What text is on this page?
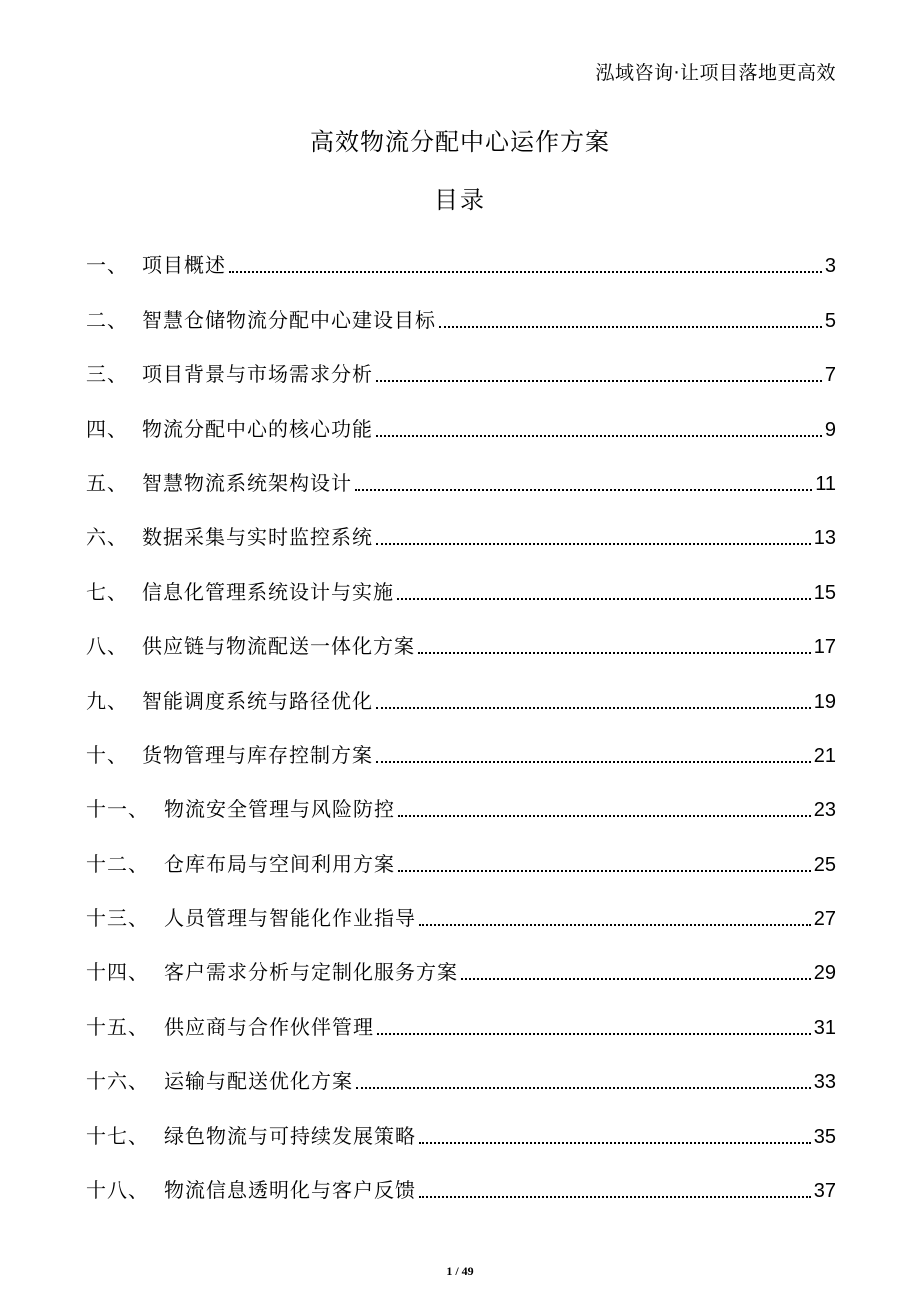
泓域咨询·让项目落地更高效
高效物流分配中心运作方案
目录
一、 项目概述	3
二、 智慧仓储物流分配中心建设目标	5
三、 项目背景与市场需求分析	7
四、 物流分配中心的核心功能	9
五、 智慧物流系统架构设计	11
六、 数据采集与实时监控系统	13
七、 信息化管理系统设计与实施	15
八、 供应链与物流配送一体化方案	17
九、 智能调度系统与路径优化	19
十、 货物管理与库存控制方案	21
十一、 物流安全管理与风险防控	23
十二、 仓库布局与空间利用方案	25
十三、 人员管理与智能化作业指导	27
十四、 客户需求分析与定制化服务方案	29
十五、 供应商与合作伙伴管理	31
十六、 运输与配送优化方案	33
十七、 绿色物流与可持续发展策略	35
十八、 物流信息透明化与客户反馈	37
1 / 49
